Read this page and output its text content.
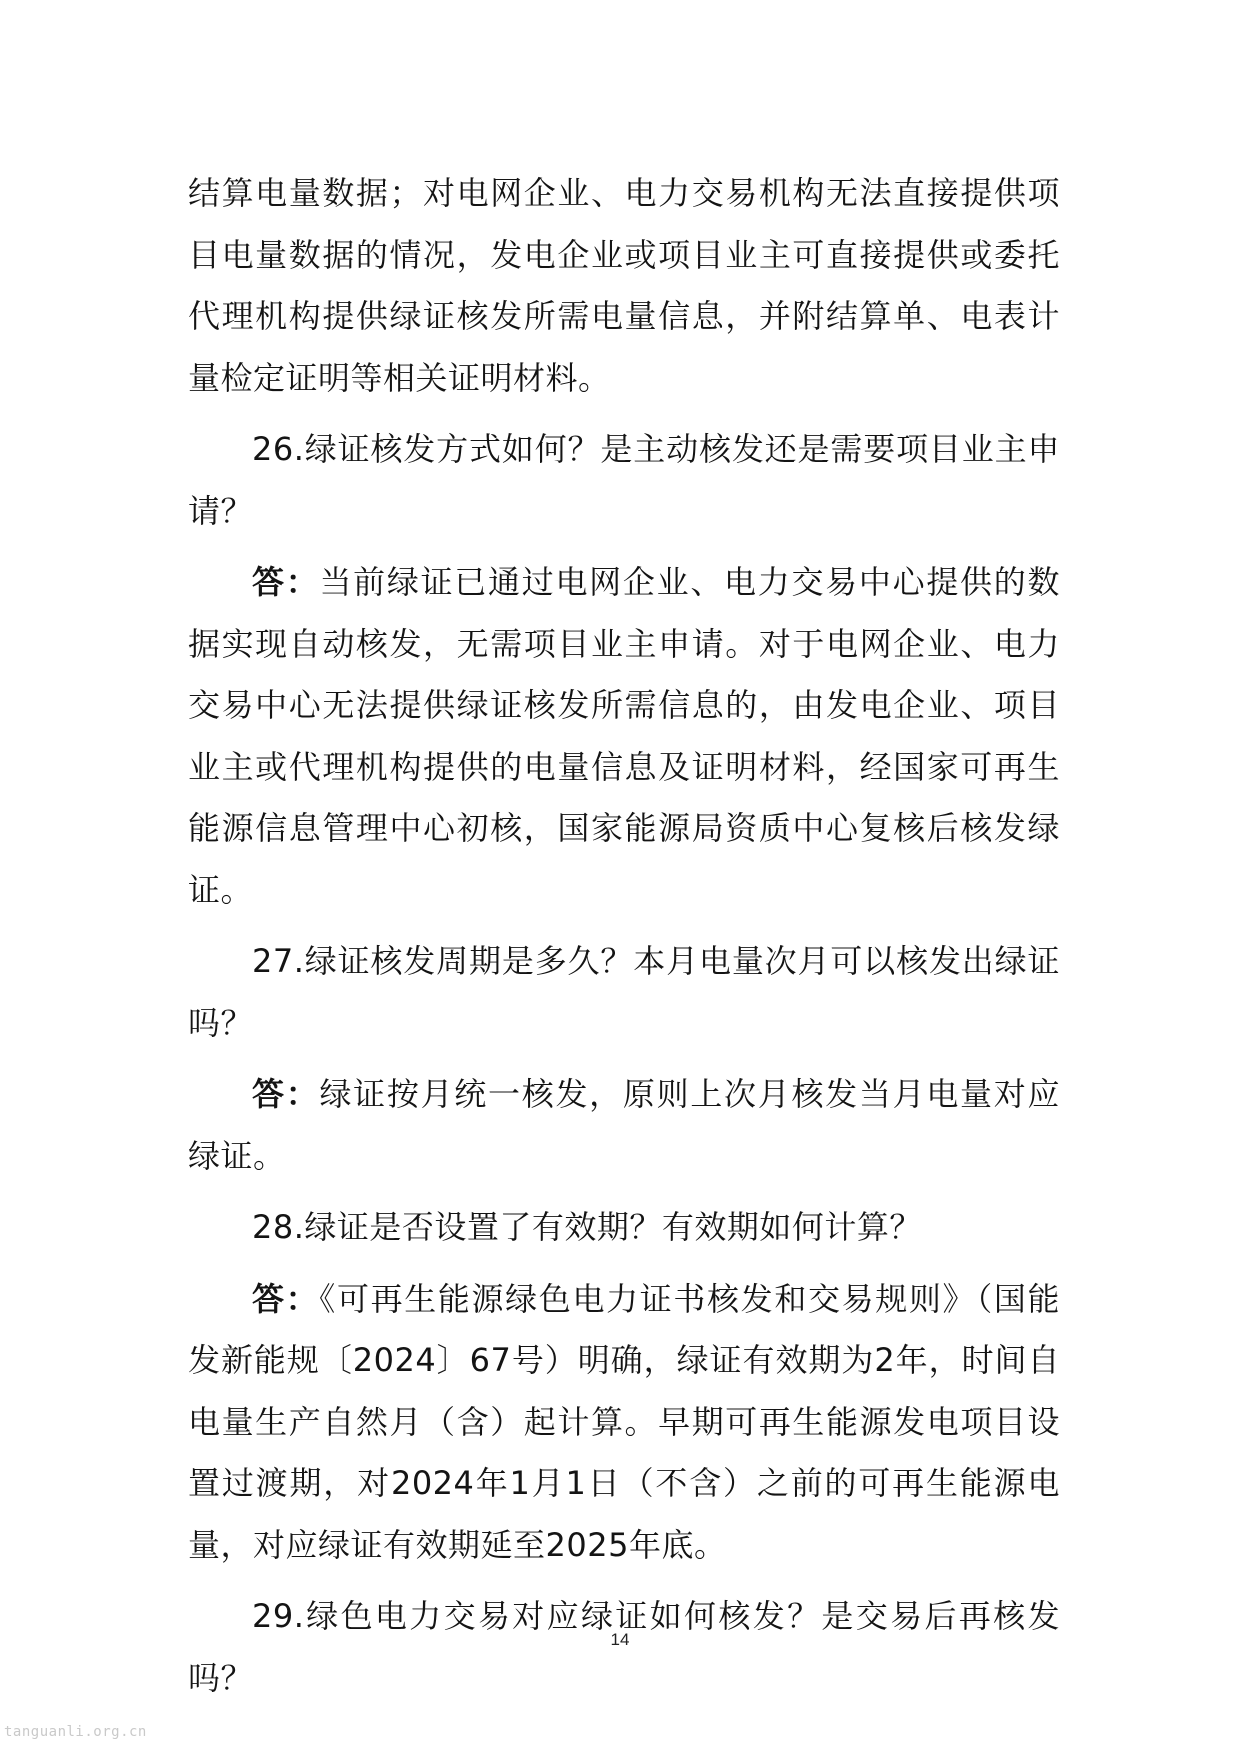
结算电量数据；对电网企业、电力交易机构无法直接提供项目电量数据的情况，发电企业或项目业主可直接提供或委托代理机构提供绿证核发所需电量信息，并附结算单、电表计量检定证明等相关证明材料。

26.绿证核发方式如何？是主动核发还是需要项目业主申请？

答：当前绿证已通过电网企业、电力交易中心提供的数据实现自动核发，无需项目业主申请。对于电网企业、电力交易中心无法提供绿证核发所需信息的，由发电企业、项目业主或代理机构提供的电量信息及证明材料，经国家可再生能源信息管理中心初核，国家能源局资质中心复核后核发绿证。

27.绿证核发周期是多久？本月电量次月可以核发出绿证吗？

答：绿证按月统一核发，原则上次月核发当月电量对应绿证。

28.绿证是否设置了有效期？有效期如何计算？

答：《可再生能源绿色电力证书核发和交易规则》（国能发新能规〔2024〕67号）明确，绿证有效期为2年，时间自电量生产自然月（含）起计算。早期可再生能源发电项目设置过渡期，对2024年1月1日（不含）之前的可再生能源电量，对应绿证有效期延至2025年底。

29.绿色电力交易对应绿证如何核发？是交易后再核发吗？

14
tanguanli.org.cn
